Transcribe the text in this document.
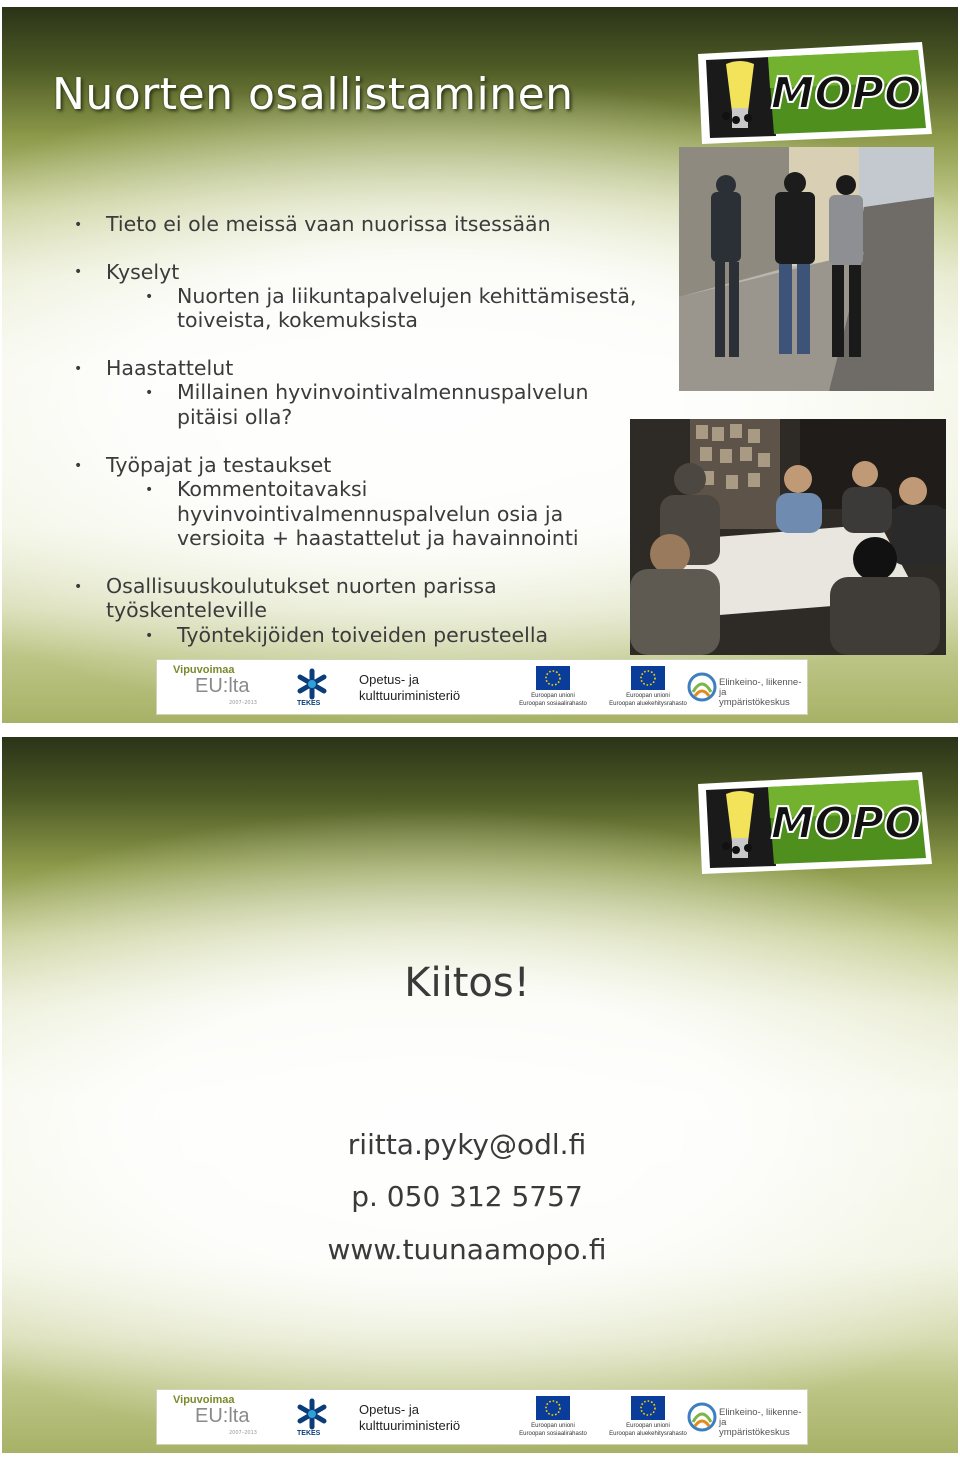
Nuorten osallistaminen	MOPO
• Tieto ei ole meissä vaan nuorissa itsessään
• Kyselyt
• Nuorten ja liikuntapalvelujen kehittämisestä,
toiveista, kokemuksista
• Haastattelut
• Millainen hyvinvointivalmennuspalvelun
pitäisi olla?
• Työpajat ja testaukset
• Kommentoitavaksi
hyvinvointivalmennuspalvelun osia ja
versioita + haastattelut ja havainnointi
• Osallisuuskoulutukset nuorten parissa
työskenteleville
• Työntekijöiden toiveiden perusteella
Vipuvoimaa
EU:lta
2007–2013	TEKES
Opetus- ja
kulttuuriministeriö	Euroopan unioni
Euroopan sosiaalirahasto
Euroopan unioni
Euroopan aluekehitysrahasto
Elinkeino-, liikenne- ja
ympäristökeskus
MOPO
Kiitos!
riitta.pyky@odl.fi
p. 050 312 5757
www.tuunaamopo.fi
Vipuvoimaa
EU:lta
2007–2013	TEKES
Opetus- ja
kulttuuriministeriö	Euroopan unioni
Euroopan sosiaalirahasto
Euroopan unioni
Euroopan aluekehitysrahasto
Elinkeino-, liikenne- ja
ympäristökeskus
